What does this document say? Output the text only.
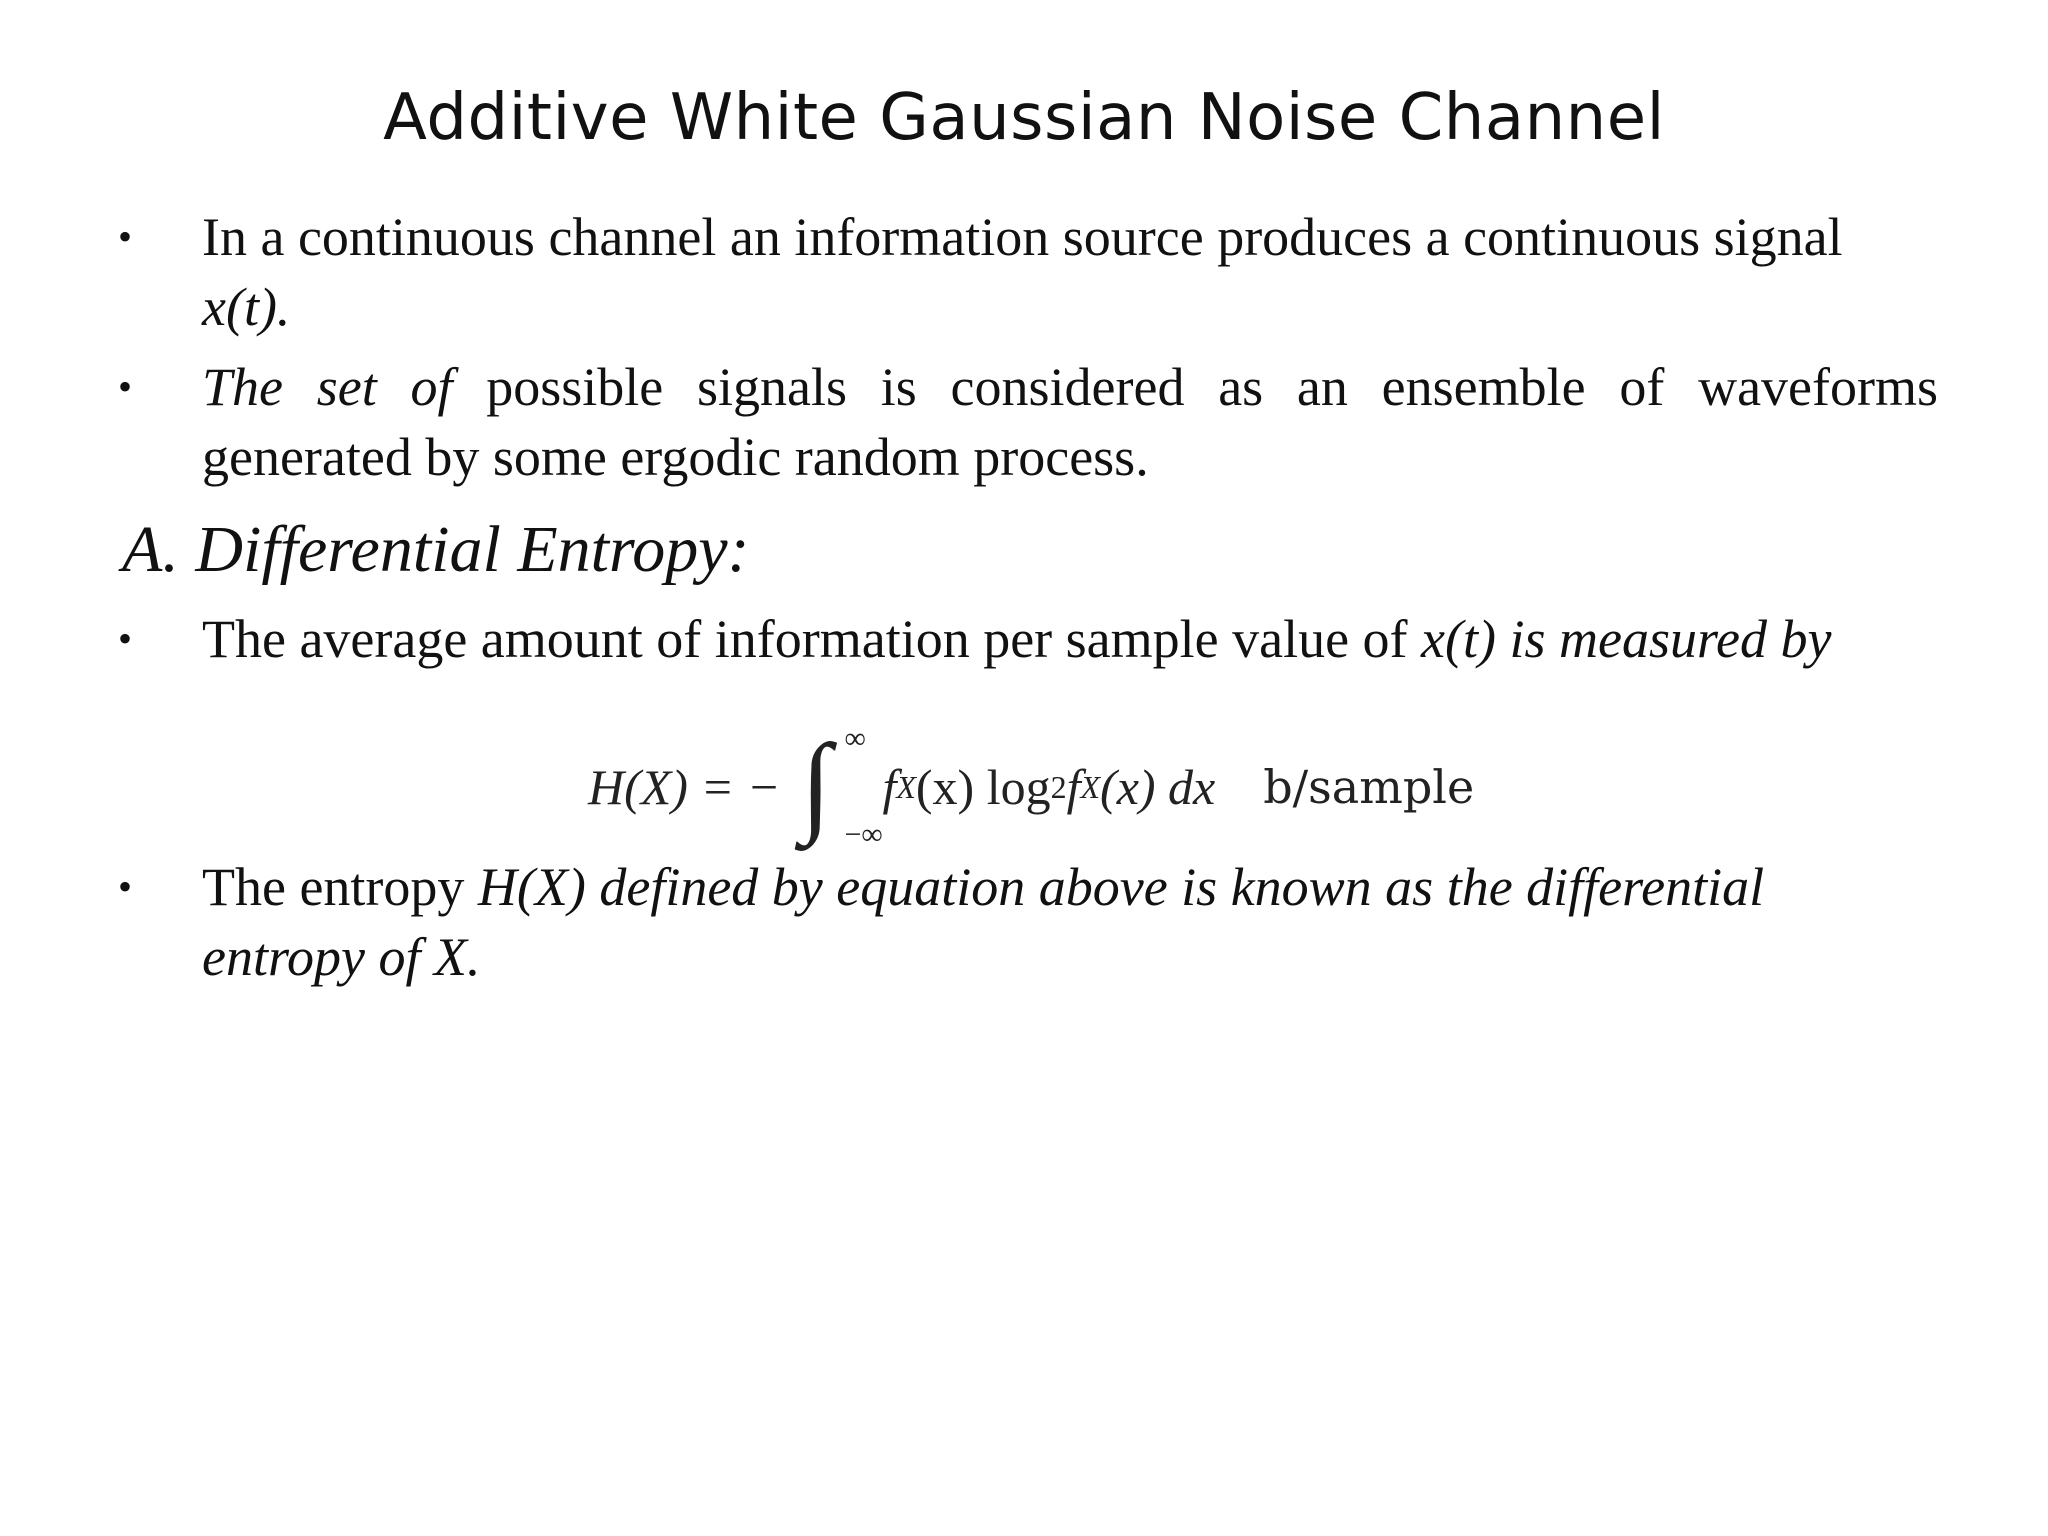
Additive White Gaussian Noise Channel
•	In a continuous channel an information source produces a continuous signal
x(t).
•	The set of possible signals is considered as an ensemble of waveforms generated by some ergodic random process.
A. Differential Entropy:
•	The average amount of information per sample value of x(t) is measured by
H(X) = − ∫ ∞
−∞
f X (x) log 2 f X (x) dx b/sample
•	The entropy H(X) defined by equation above is known as the differential entropy of X.
